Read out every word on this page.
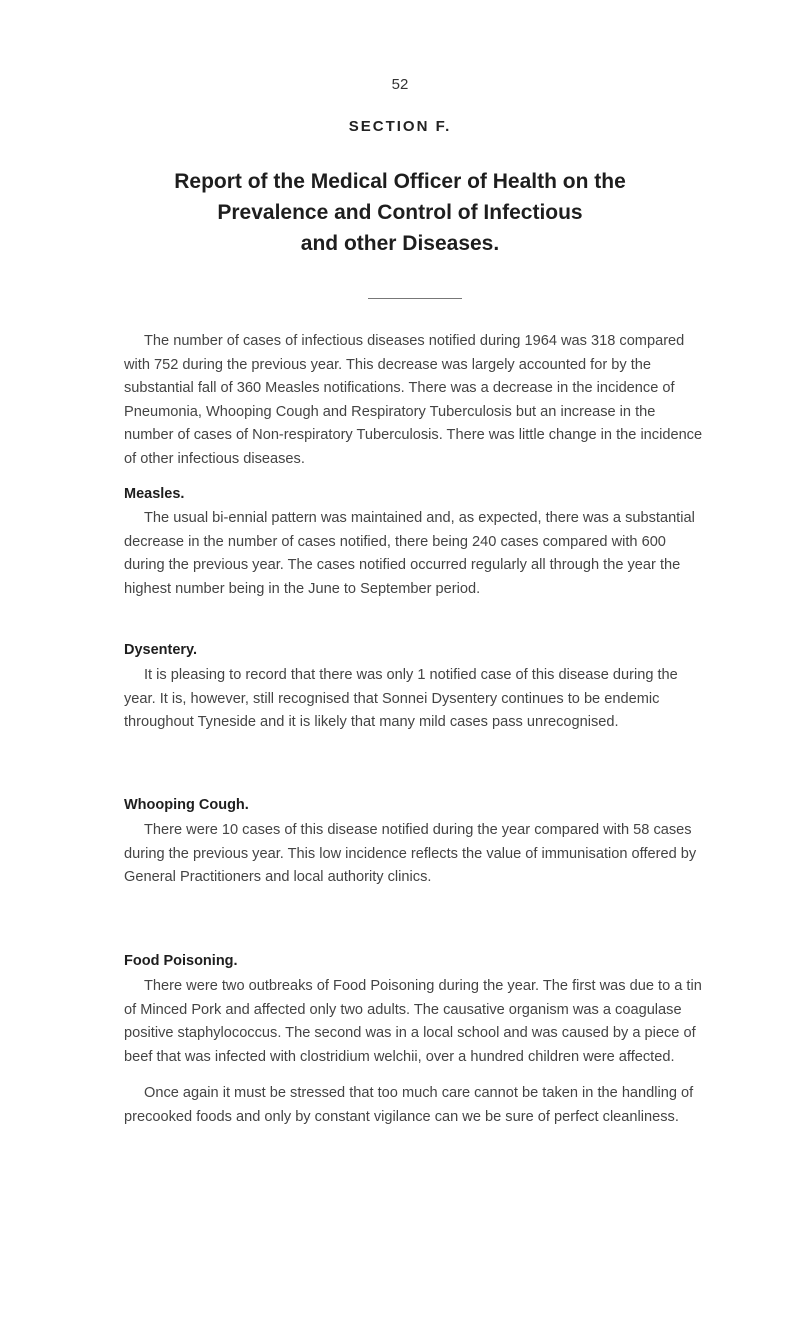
52
SECTION F.
Report of the Medical Officer of Health on the
Prevalence and Control of Infectious
and other Diseases.

The number of cases of infectious diseases notified during 1964 was 318 compared with 752 during the previous year. This decrease was largely accounted for by the substantial fall of 360 Measles notifications. There was a decrease in the incidence of Pneumonia, Whooping Cough and Respiratory Tuberculosis but an increase in the number of cases of Non-respiratory Tuberculosis. There was little change in the incidence of other infectious diseases.

Measles.

The usual bi-ennial pattern was maintained and, as expected, there was a substantial decrease in the number of cases notified, there being 240 cases compared with 600 during the previous year. The cases notified occurred regularly all through the year the highest number being in the June to September period.

Dysentery.

It is pleasing to record that there was only 1 notified case of this disease during the year. It is, however, still recognised that Sonnei Dysentery continues to be endemic throughout Tyneside and it is likely that many mild cases pass unrecognised.

Whooping Cough.

There were 10 cases of this disease notified during the year compared with 58 cases during the previous year. This low incidence reflects the value of immunisation offered by General Practitioners and local authority clinics.

Food Poisoning.

There were two outbreaks of Food Poisoning during the year. The first was due to a tin of Minced Pork and affected only two adults. The causative organism was a coagulase positive staphylococcus. The second was in a local school and was caused by a piece of beef that was infected with clostridium welchii, over a hundred children were affected.

Once again it must be stressed that too much care cannot be taken in the handling of precooked foods and only by constant vigilance can we be sure of perfect cleanliness.
